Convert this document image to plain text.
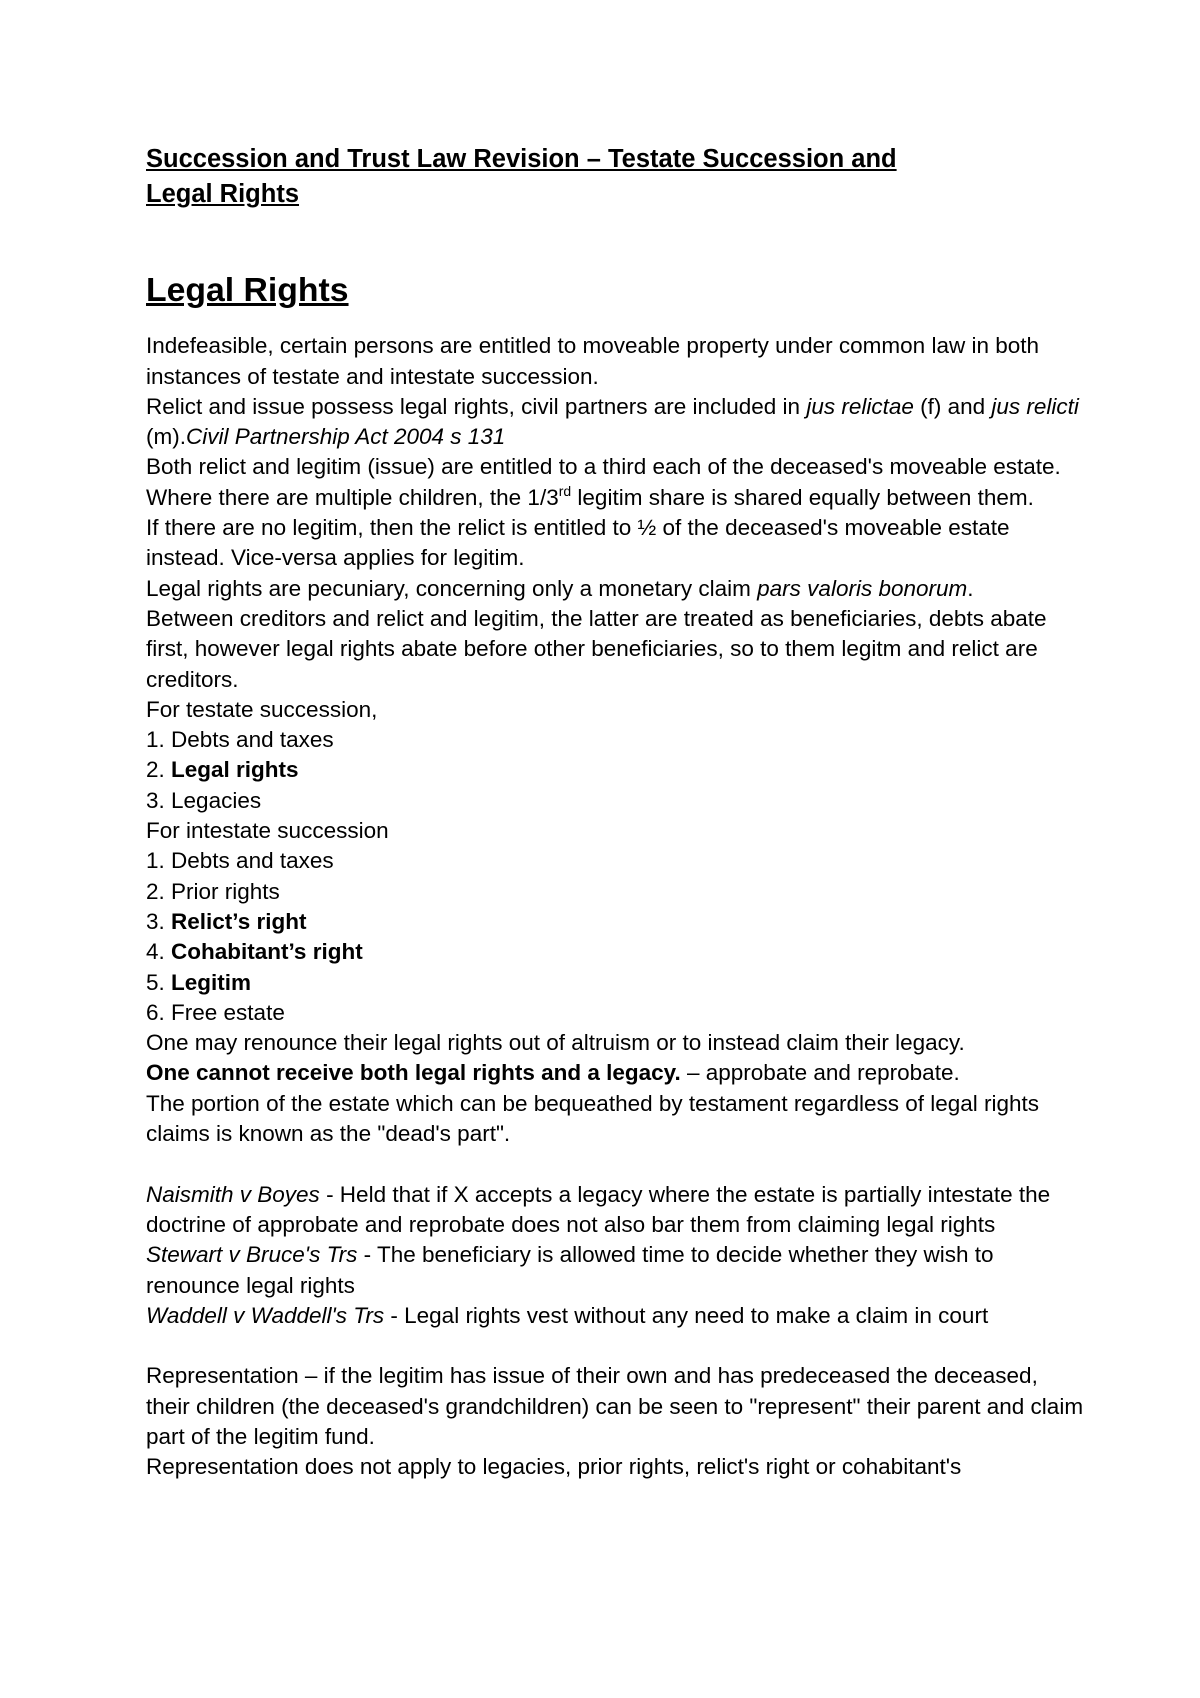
Succession and Trust Law Revision – Testate Succession and
Legal Rights
Legal Rights

Indefeasible, certain persons are entitled to moveable property under common law in both instances of testate and intestate succession.

Relict and issue possess legal rights, civil partners are included in jus relictae (f) and jus relicti (m).Civil Partnership Act 2004 s 131

Both relict and legitim (issue) are entitled to a third each of the deceased's moveable estate. Where there are multiple children, the 1/3rd legitim share is shared equally between them.

If there are no legitim, then the relict is entitled to ½ of the deceased's moveable estate instead. Vice-versa applies for legitim.

Legal rights are pecuniary, concerning only a monetary claim pars valoris bonorum.

Between creditors and relict and legitim, the latter are treated as beneficiaries, debts abate first, however legal rights abate before other beneficiaries, so to them legitm and relict are creditors.

For testate succession,

1. Debts and taxes

2. Legal rights

3. Legacies

For intestate succession

1. Debts and taxes

2. Prior rights

3. Relict’s right

4. Cohabitant’s right

5. Legitim

6. Free estate

One may renounce their legal rights out of altruism or to instead claim their legacy.

One cannot receive both legal rights and a legacy. – approbate and reprobate.

The portion of the estate which can be bequeathed by testament regardless of legal rights claims is known as the "dead's part".

Naismith v Boyes - Held that if X accepts a legacy where the estate is partially intestate the doctrine of approbate and reprobate does not also bar them from claiming legal rights

Stewart v Bruce's Trs - The beneficiary is allowed time to decide whether they wish to renounce legal rights

Waddell v Waddell's Trs - Legal rights vest without any need to make a claim in court

Representation – if the legitim has issue of their own and has predeceased the deceased, their children (the deceased's grandchildren) can be seen to "represent" their parent and claim part of the legitim fund.

Representation does not apply to legacies, prior rights, relict's right or cohabitant's
